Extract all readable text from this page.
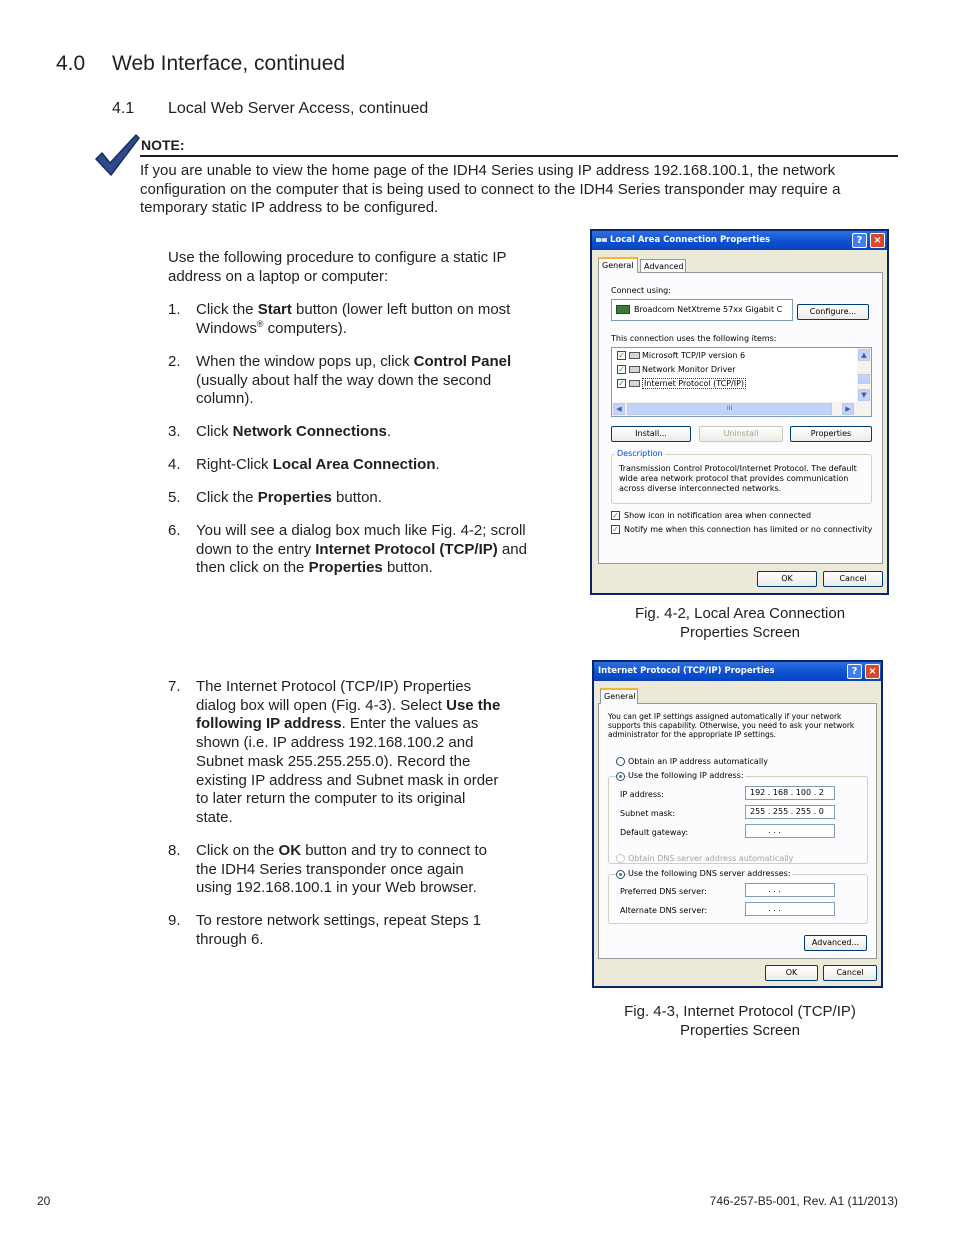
4.0 Web Interface, continued
4.1 Local Web Server Access, continued
NOTE:
If you are unable to view the home page of the IDH4 Series using IP address 192.168.100.1, the network configuration on the computer that is being used to connect to the IDH4 Series transponder may require a temporary static IP address to be configured.
Use the following procedure to configure a static IP address on a laptop or computer:
1.	Click the Start button (lower left button on most Windows® computers).
2.	When the window pops up, click Control Panel (usually about half the way down the second column).
3.	Click Network Connections.
4.	Right-Click Local Area Connection.
5.	Click the Properties button.
6.	You will see a dialog box much like Fig. 4-2; scroll down to the entry Internet Protocol (TCP/IP) and then click on the Properties button.
7.	The Internet Protocol (TCP/IP) Properties dialog box will open (Fig. 4-3). Select Use the following IP address. Enter the values as shown (i.e. IP address 192.168.100.2 and Subnet mask 255.255.255.0). Record the existing IP address and Subnet mask in order to later return the computer to its original state.
8.	Click on the OK button and try to connect to the IDH4 Series transponder once again using 192.168.100.1 in your Web browser.
9.	To restore network settings, repeat Steps 1 through 6.
Local Area Connection Properties	?	×
General	Advanced
Connect using:
Broadcom NetXtreme 57xx Gigabit C	Configure...
This connection uses the following items:
✓ Microsoft TCP/IP version 6
✓ Network Monitor Driver
✓ Internet Protocol (TCP/IP)
▲
▼
◀	III	▶
Install...	Uninstall	Properties
Description
Transmission Control Protocol/Internet Protocol. The default wide area network protocol that provides communication across diverse interconnected networks.
✓ Show icon in notification area when connected
✓ Notify me when this connection has limited or no connectivity
OK	Cancel
Fig. 4-2, Local Area Connection Properties Screen
Internet Protocol (TCP/IP) Properties	?	×
General
You can get IP settings assigned automatically if your network supports this capability. Otherwise, you need to ask your network administrator for the appropriate IP settings.
Obtain an IP address automatically
Use the following IP address:
IP address:	192 . 168 . 100 . 2
Subnet mask:	255 . 255 . 255 . 0
Default gateway:	. . .
Obtain DNS server address automatically
Use the following DNS server addresses:
Preferred DNS server:	. . .
Alternate DNS server:	. . .
Advanced...
OK	Cancel
Fig. 4-3, Internet Protocol (TCP/IP) Properties Screen
20	746-257-B5-001, Rev. A1 (11/2013)
